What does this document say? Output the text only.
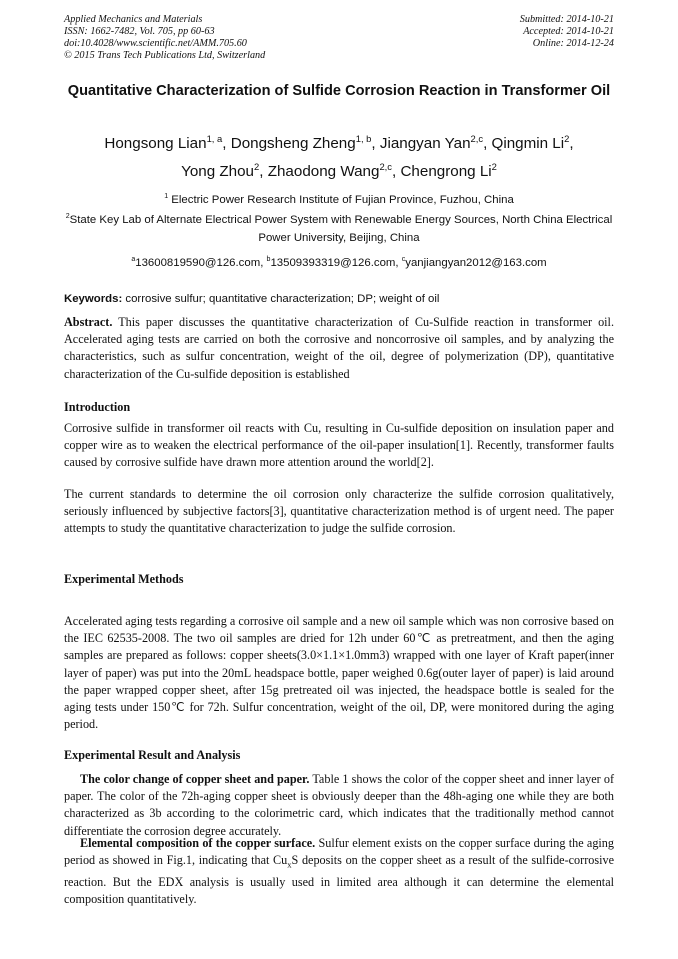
Applied Mechanics and Materials
ISSN: 1662-7482, Vol. 705, pp 60-63
doi:10.4028/www.scientific.net/AMM.705.60
© 2015 Trans Tech Publications Ltd, Switzerland
Submitted: 2014-10-21
Accepted: 2014-10-21
Online: 2014-12-24
Quantitative Characterization of Sulfide Corrosion Reaction in Transformer Oil
Hongsong Lian$^{1, a}$, Dongsheng Zheng$^{1, b}$, Jiangyan Yan$^{2,c}$, Qingmin Li$^2$,
Yong Zhou$^2$, Zhaodong Wang$^{2,c}$, Chengrong Li$^2$
$^1$ Electric Power Research Institute of Fujian Province, Fuzhou, China
$^2$State Key Lab of Alternate Electrical Power System with Renewable Energy Sources, North China Electrical Power University, Beijing, China
$^a$13600819590@126.com, $^b$13509393319@126.com, $^c$yanjiangyan2012@163.com
Keywords: corrosive sulfur; quantitative characterization; DP; weight of oil
Abstract. This paper discusses the quantitative characterization of Cu-Sulfide reaction in transformer oil. Accelerated aging tests are carried on both the corrosive and noncorrosive oil samples, and by analyzing the characteristics, such as sulfur concentration, weight of the oil, degree of polymerization (DP), quantitative characterization of the Cu-sulfide deposition is established
Introduction
Corrosive sulfide in transformer oil reacts with Cu, resulting in Cu-sulfide deposition on insulation paper and copper wire as to weaken the electrical performance of the oil-paper insulation[1]. Recently, transformer faults caused by corrosive sulfide have drawn more attention around the world[2].
The current standards to determine the oil corrosion only characterize the sulfide corrosion qualitatively, seriously influenced by subjective factors[3], quantitative characterization method is of urgent need. The paper attempts to study the quantitative characterization to judge the sulfide corrosion.
Experimental Methods
Accelerated aging tests regarding a corrosive oil sample and a new oil sample which was non corrosive based on the IEC 62535-2008. The two oil samples are dried for 12h under 60℃ as pretreatment, and then the aging samples are prepared as follows: copper sheets(3.0×1.1×1.0mm3) wrapped with one layer of Kraft paper(inner layer of paper) was put into the 20mL headspace bottle, paper weighed 0.6g(outer layer of paper) is laid around the paper wrapped copper sheet, after 15g pretreated oil was injected, the headspace bottle is sealed for the aging tests under 150℃ for 72h. Sulfur concentration, weight of the oil, DP, were monitored during the aging period.
Experimental Result and Analysis
The color change of copper sheet and paper. Table 1 shows the color of the copper sheet and inner layer of paper. The color of the 72h-aging copper sheet is obviously deeper than the 48h-aging one while they are both characterized as 3b according to the colorimetric card, which indicates that the traditionally method cannot differentiate the corrosion degree accurately.
Elemental composition of the copper surface. Sulfur element exists on the copper surface during the aging period as showed in Fig.1, indicating that $Cu_xS$ deposits on the copper sheet as a result of the sulfide-corrosive reaction. But the EDX analysis is usually used in limited area although it can determine the elemental composition quantitatively.
